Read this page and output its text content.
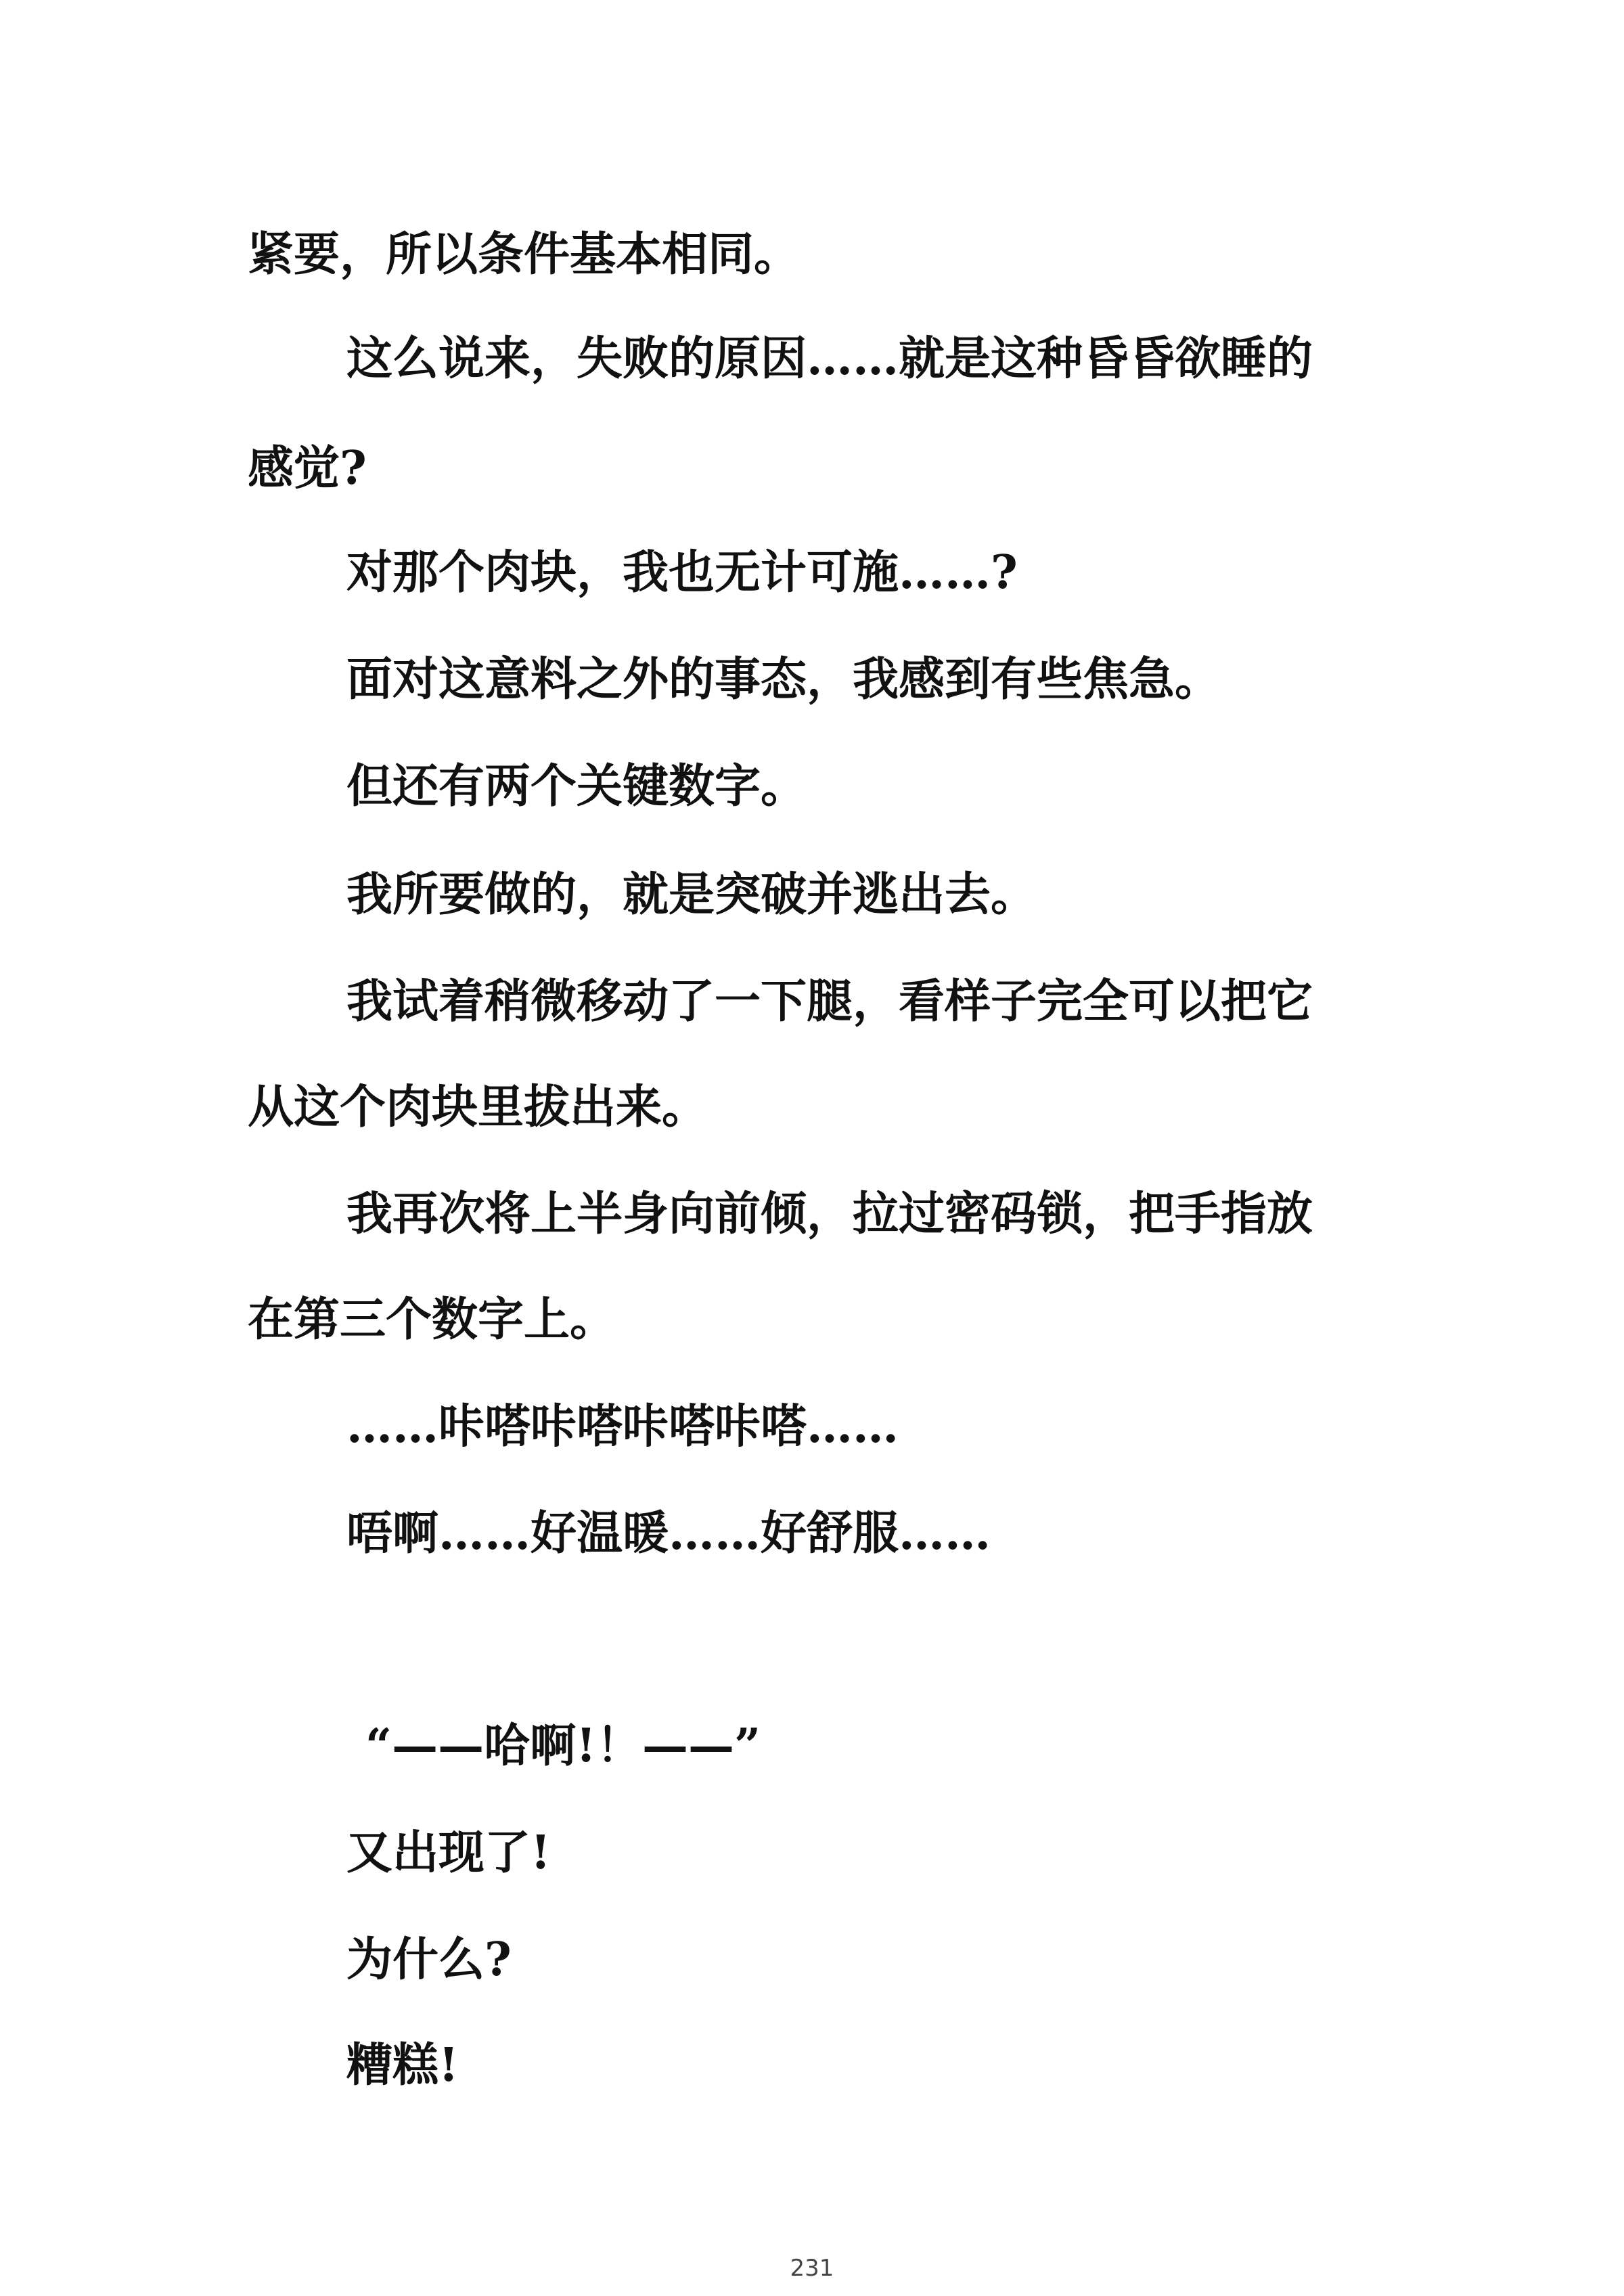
紧要，所以条件基本相同。

这么说来，失败的原因……就是这种昏昏欲睡的

感觉?

对那个肉块，我也无计可施……?

面对这意料之外的事态，我感到有些焦急。

但还有两个关键数字。

我所要做的，就是突破并逃出去。

我试着稍微移动了一下腿，看样子完全可以把它

从这个肉块里拔出来。

我再次将上半身向前倾，拉过密码锁，把手指放

在第三个数字上。

……咔嗒咔嗒咔嗒咔嗒……

唔啊……好温暖……好舒服……

“——哈啊!！——”

又出现了!

为什么?

糟糕!

231
